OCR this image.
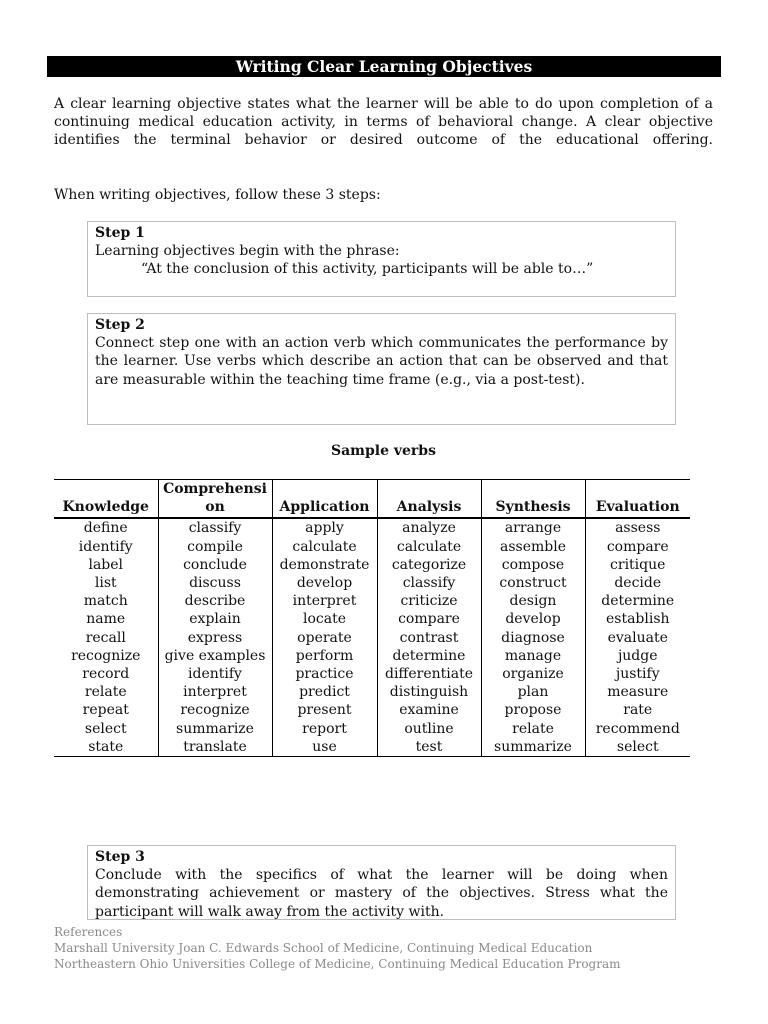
Writing Clear Learning Objectives
A clear learning objective states what the learner will be able to do upon completion of a continuing medical education activity, in terms of behavioral change. A clear objective identifies the terminal behavior or desired outcome of the educational offering.
When writing objectives, follow these 3 steps:
Step 1
Learning objectives begin with the phrase:
“At the conclusion of this activity, participants will be able to…”
Step 2
Connect step one with an action verb which communicates the performance by the learner. Use verbs which describe an action that can be observed and that are measurable within the teaching time frame (e.g., via a post-test).
Sample verbs
Knowledge	Comprehension	Application	Analysis	Synthesis	Evaluation
define	classify	apply	analyze	arrange	assess
identify	compile	calculate	calculate	assemble	compare
label	conclude	demonstrate	categorize	compose	critique
list	discuss	develop	classify	construct	decide
match	describe	interpret	criticize	design	determine
name	explain	locate	compare	develop	establish
recall	express	operate	contrast	diagnose	evaluate
recognize	give examples	perform	determine	manage	judge
record	identify	practice	differentiate	organize	justify
relate	interpret	predict	distinguish	plan	measure
repeat	recognize	present	examine	propose	rate
select	summarize	report	outline	relate	recommend
state	translate	use	test	summarize	select
Step 3
Conclude with the specifics of what the learner will be doing when demonstrating achievement or mastery of the objectives. Stress what the participant will walk away from the activity with.
References
Marshall University Joan C. Edwards School of Medicine, Continuing Medical Education
Northeastern Ohio Universities College of Medicine, Continuing Medical Education Program
